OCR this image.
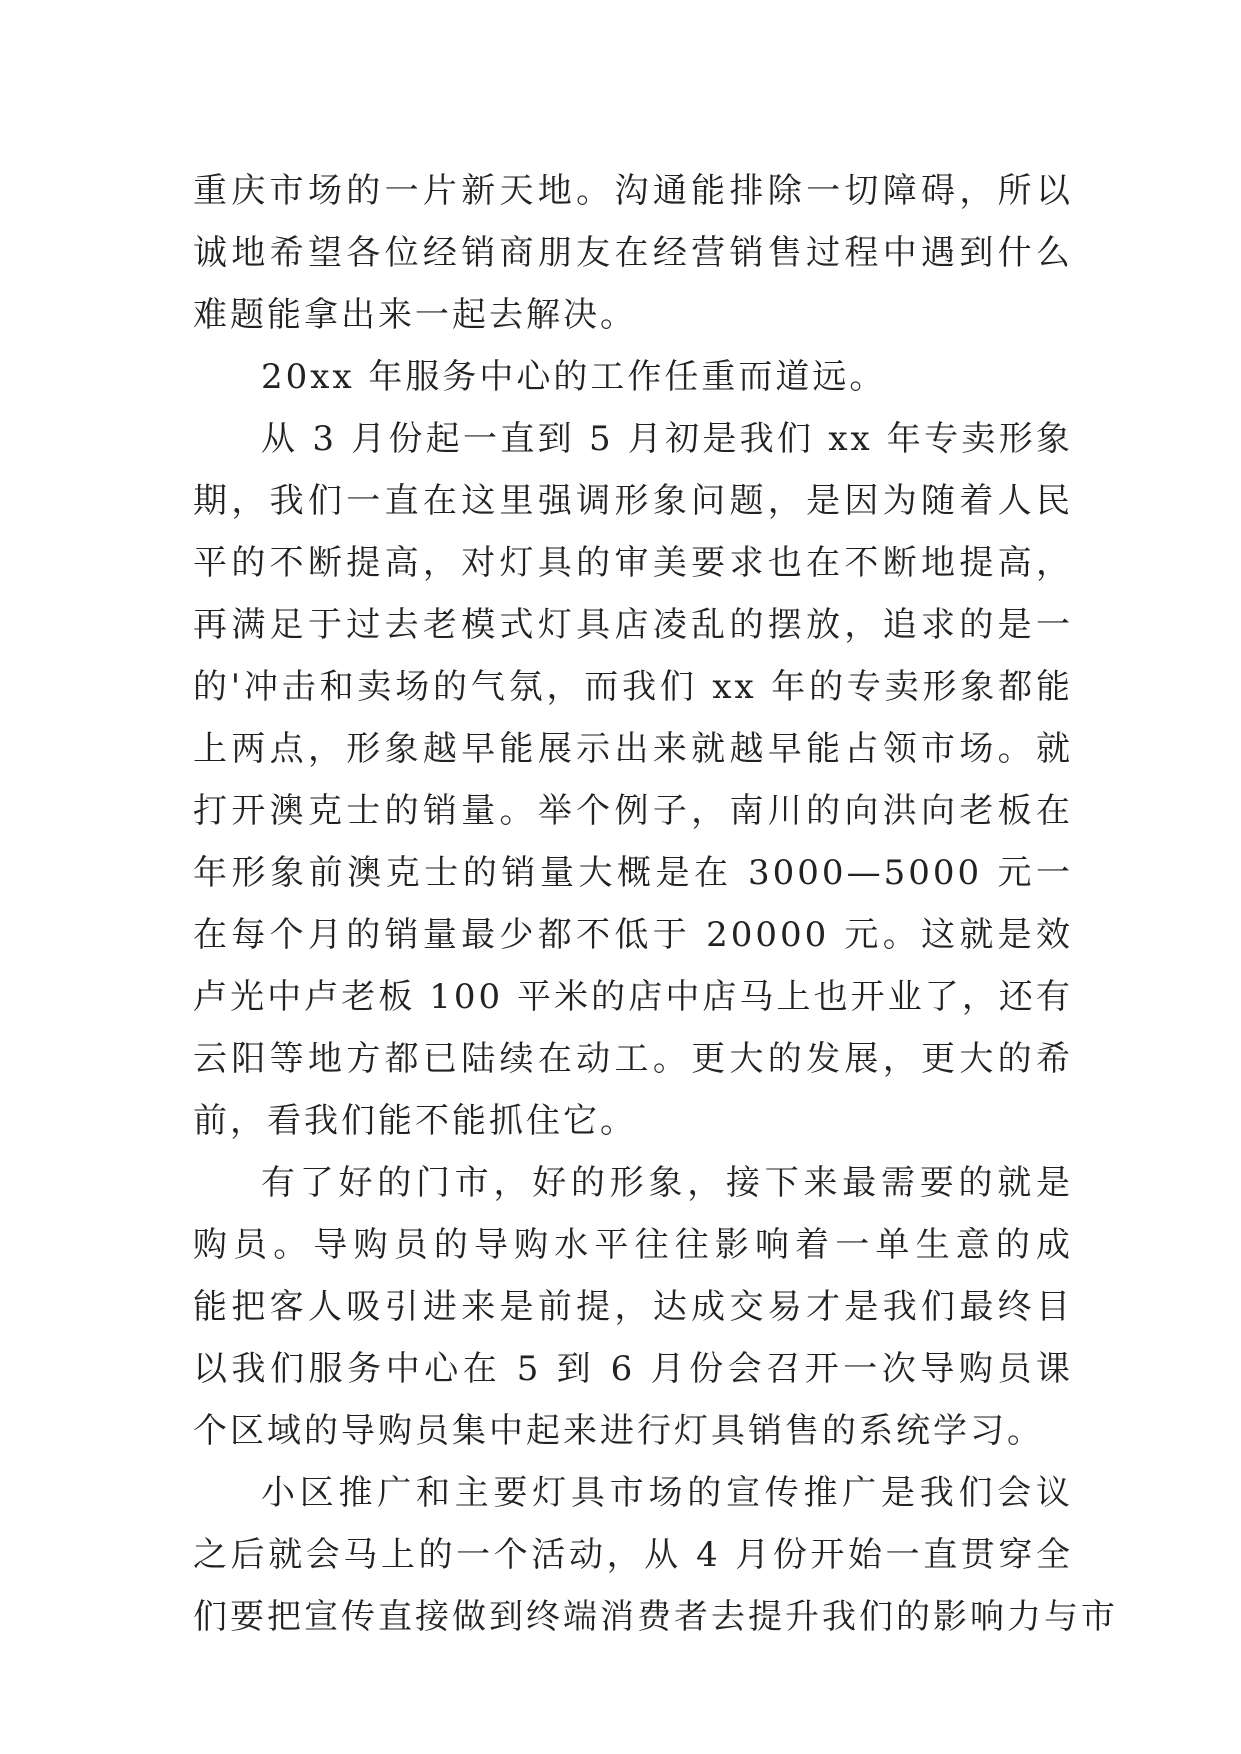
重庆市场的一片新天地。沟通能排除一切障碍，所以
诚地希望各位经销商朋友在经营销售过程中遇到什么
难题能拿出来一起去解决。
20xx 年服务中心的工作任重而道远。
从 3 月份起一直到 5 月初是我们 xx 年专卖形象
期，我们一直在这里强调形象问题，是因为随着人民
平的不断提高，对灯具的审美要求也在不断地提高，
再满足于过去老模式灯具店凌乱的摆放，追求的是一
的'冲击和卖场的气氛，而我们 xx 年的专卖形象都能
上两点，形象越早能展示出来就越早能占领市场。就
打开澳克士的销量。举个例子，南川的向洪向老板在
年形象前澳克士的销量大概是在 3000—5000 元一
在每个月的销量最少都不低于 20000 元。这就是效
卢光中卢老板 100 平米的店中店马上也开业了，还有
云阳等地方都已陆续在动工。更大的发展，更大的希
前，看我们能不能抓住它。
有了好的门市，好的形象，接下来最需要的就是
购员。导购员的导购水平往往影响着一单生意的成
能把客人吸引进来是前提，达成交易才是我们最终目
以我们服务中心在 5 到 6 月份会召开一次导购员课
个区域的导购员集中起来进行灯具销售的系统学习。
小区推广和主要灯具市场的宣传推广是我们会议
之后就会马上的一个活动，从 4 月份开始一直贯穿全
们要把宣传直接做到终端消费者去提升我们的影响力与市
